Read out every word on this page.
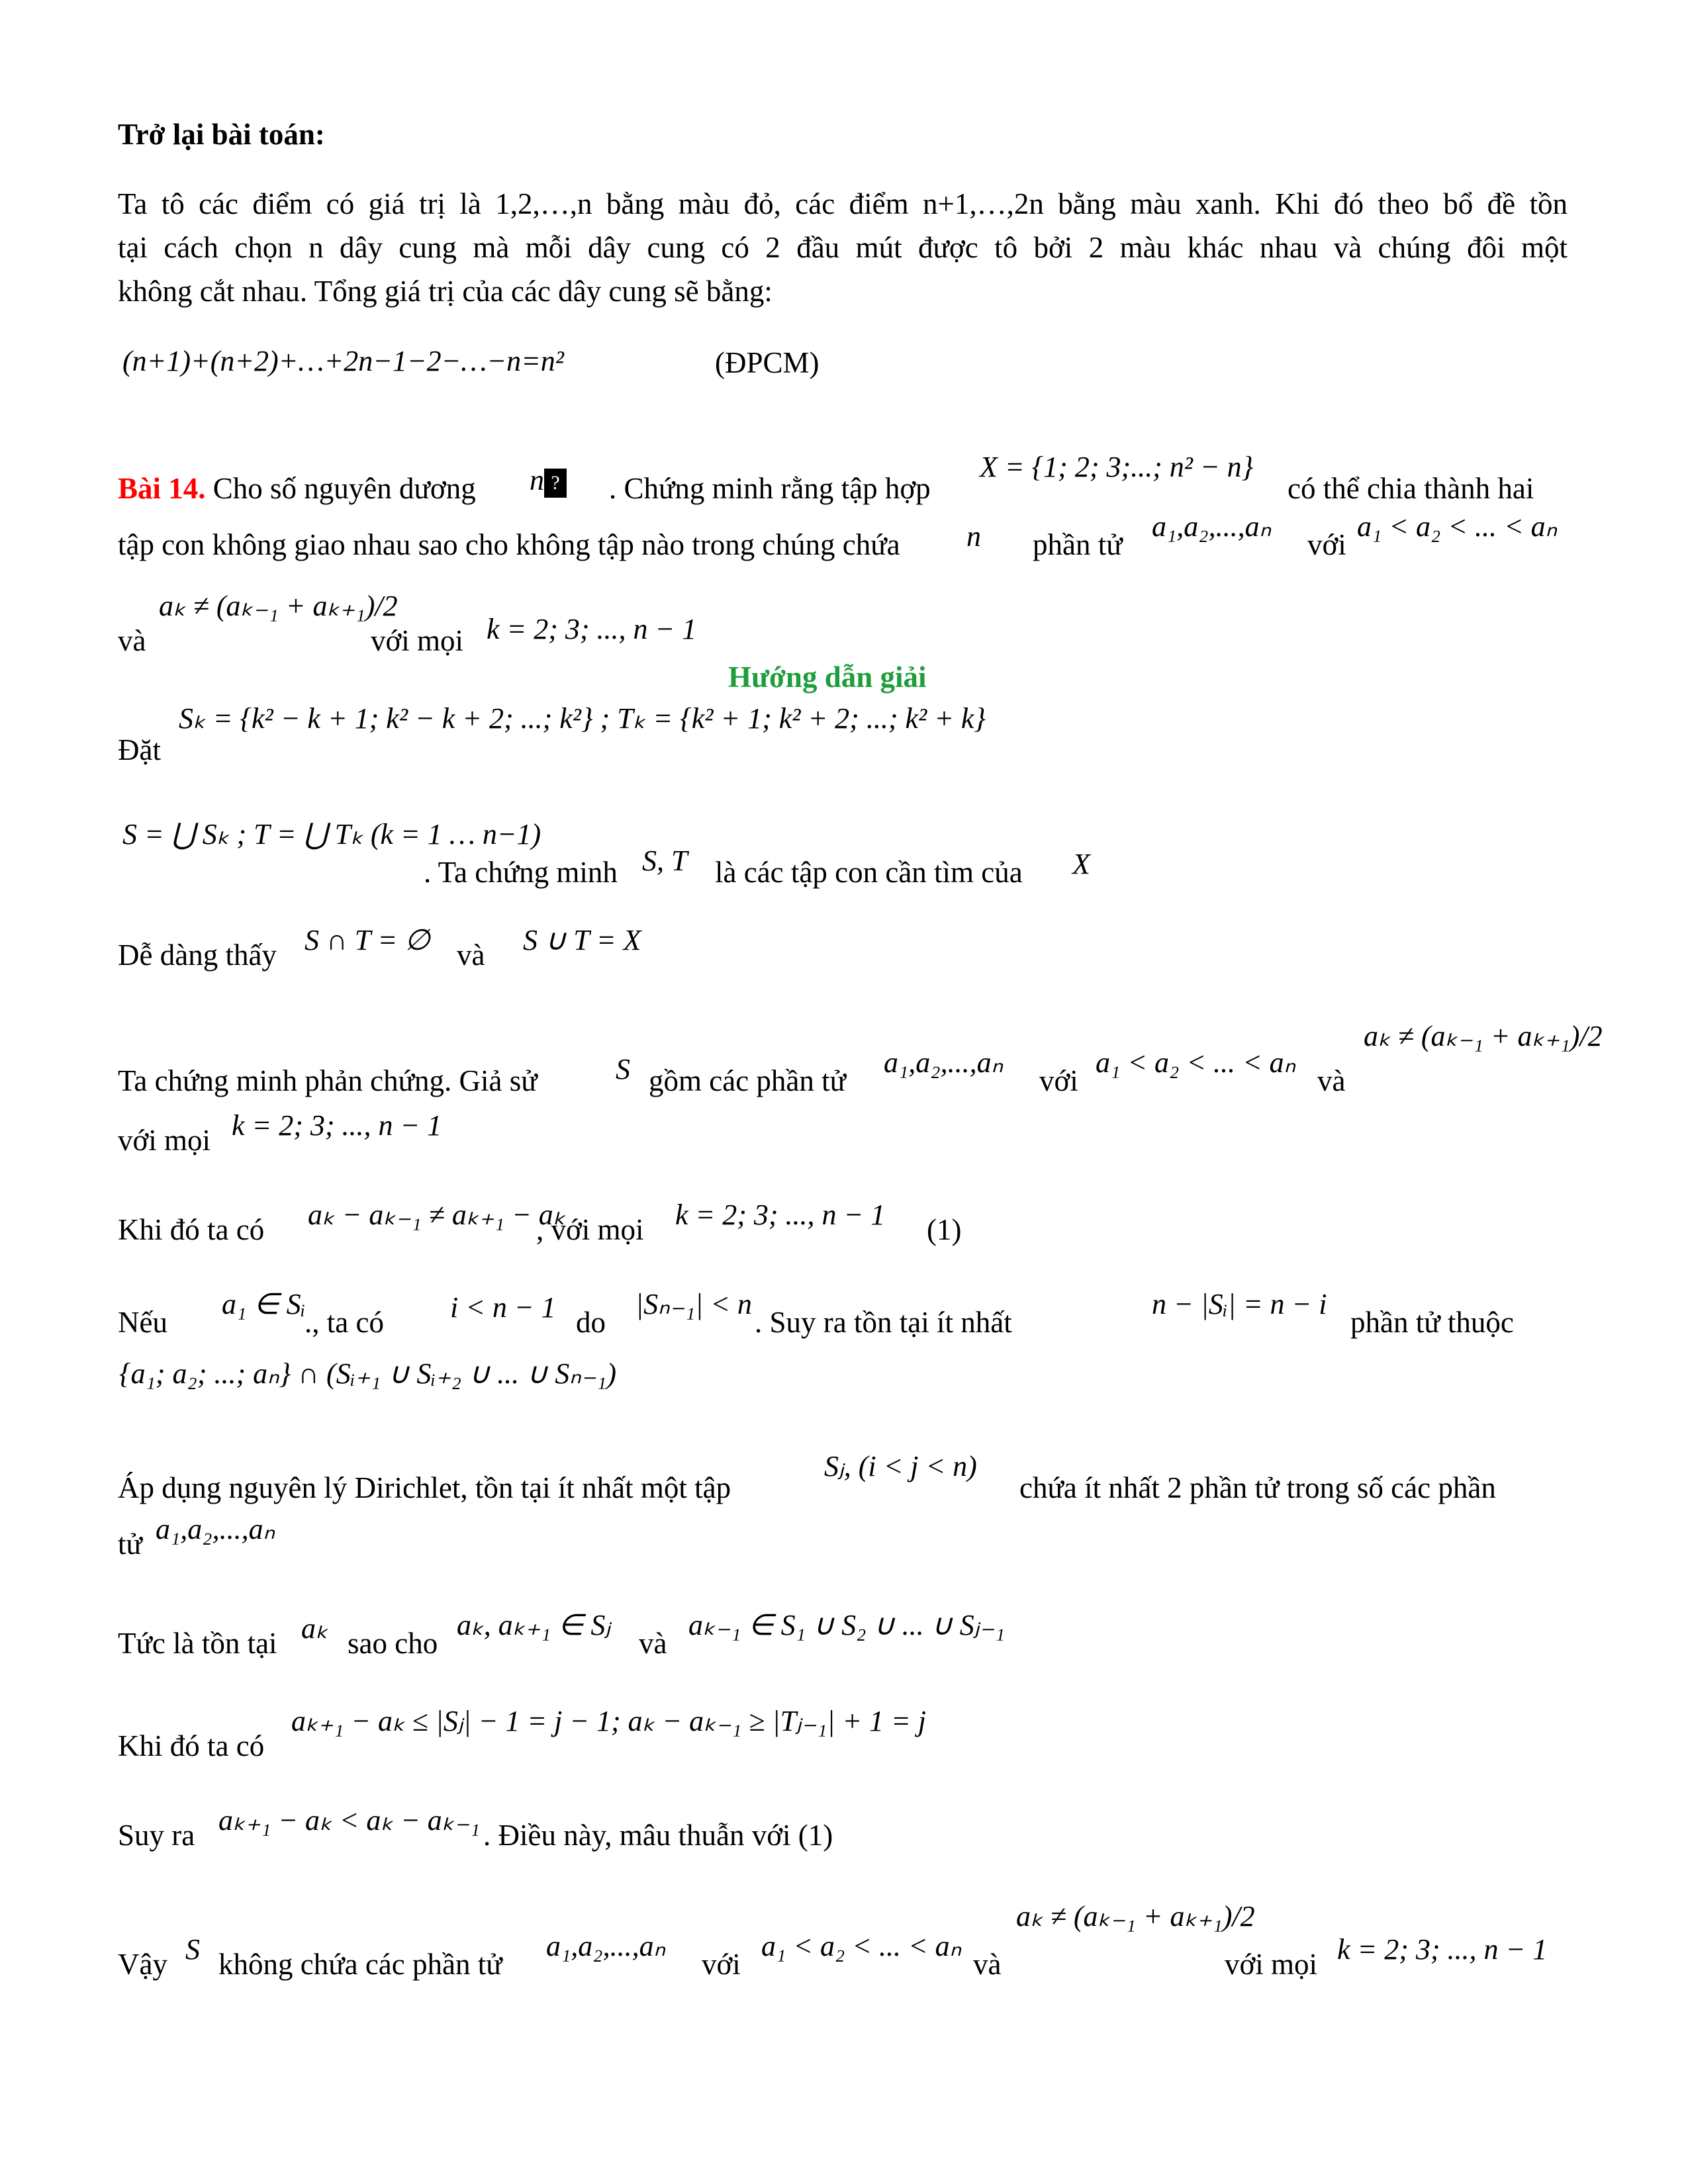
Trở lại bài toán:
Ta tô các điểm có giá trị là 1,2,…,n bằng màu đỏ, các điểm n+1,…,2n bằng màu xanh. Khi đó theo bổ đề tồn
tại cách chọn n dây cung mà mỗi dây cung có 2 đầu mút được tô bởi 2 màu khác nhau và chúng đôi một
không cắt nhau. Tổng giá trị của các dây cung sẽ bằng:
(n+1)+(n+2)+…+2n−1−2−…−n=n²	(ĐPCM)
Bài 14. Cho số nguyên dương n ? . Chứng minh rằng tập hợp
X = {1; 2; 3;...; n² − n}
có thể chia thành hai
tập con không giao nhau sao cho không tập nào trong chúng chứa n phần tử
a₁,a₂,...,aₙ
với
a₁ < a₂ < ... < aₙ
và
aₖ ≠ (aₖ₋₁ + aₖ₊₁)/2
với mọi k = 2; 3; ..., n − 1
Hướng dẫn giải
Đặt
Sₖ = {k² − k + 1; k² − k + 2; ...; k²} ; Tₖ = {k² + 1; k² + 2; ...; k² + k}
S = ⋃ Sₖ ; T = ⋃ Tₖ (k = 1 … n−1)
. Ta chứng minh S, T là các tập con cần tìm của X
Dễ dàng thấy S ∩ T = ∅ và S ∪ T = X
Ta chứng minh phản chứng. Giả sử	S gồm các phần tử
a₁,a₂,...,aₙ
với
a₁ < a₂ < ... < aₙ
và
aₖ ≠ (aₖ₋₁ + aₖ₊₁)/2
với mọi k = 2; 3; ..., n − 1
Khi đó ta có aₖ − aₖ₋₁ ≠ aₖ₊₁ − aₖ
, với mọi k = 2; 3; ..., n − 1 (1)
Nếu
a₁ ∈ Sᵢ
., ta có i < n − 1 do
|Sₙ₋₁| < n
. Suy ra tồn tại ít nhất
n − |Sᵢ| = n − i
phần tử thuộc
{a₁; a₂; ...; aₙ} ∩ (Sᵢ₊₁ ∪ Sᵢ₊₂ ∪ ... ∪ Sₙ₋₁)
Áp dụng nguyên lý Dirichlet, tồn tại ít nhất một tập
Sⱼ, (i < j < n)
chứa ít nhất 2 phần tử trong số các phần
tử a₁,a₂,...,aₙ
Tức là tồn tại aₖ sao cho
aₖ, aₖ₊₁ ∈ Sⱼ
và
aₖ₋₁ ∈ S₁ ∪ S₂ ∪ ... ∪ Sⱼ₋₁
Khi đó ta có
aₖ₊₁ − aₖ ≤ |Sⱼ| − 1 = j − 1; aₖ − aₖ₋₁ ≥ |Tⱼ₋₁| + 1 = j
Suy ra aₖ₊₁ − aₖ < aₖ − aₖ₋₁ . Điều này, mâu thuẫn với (1)
Vậy S không chứa các phần tử
a₁,a₂,...,aₙ
với
a₁ < a₂ < ... < aₙ
và
aₖ ≠ (aₖ₋₁ + aₖ₊₁)/2
với mọi k = 2; 3; ..., n − 1
